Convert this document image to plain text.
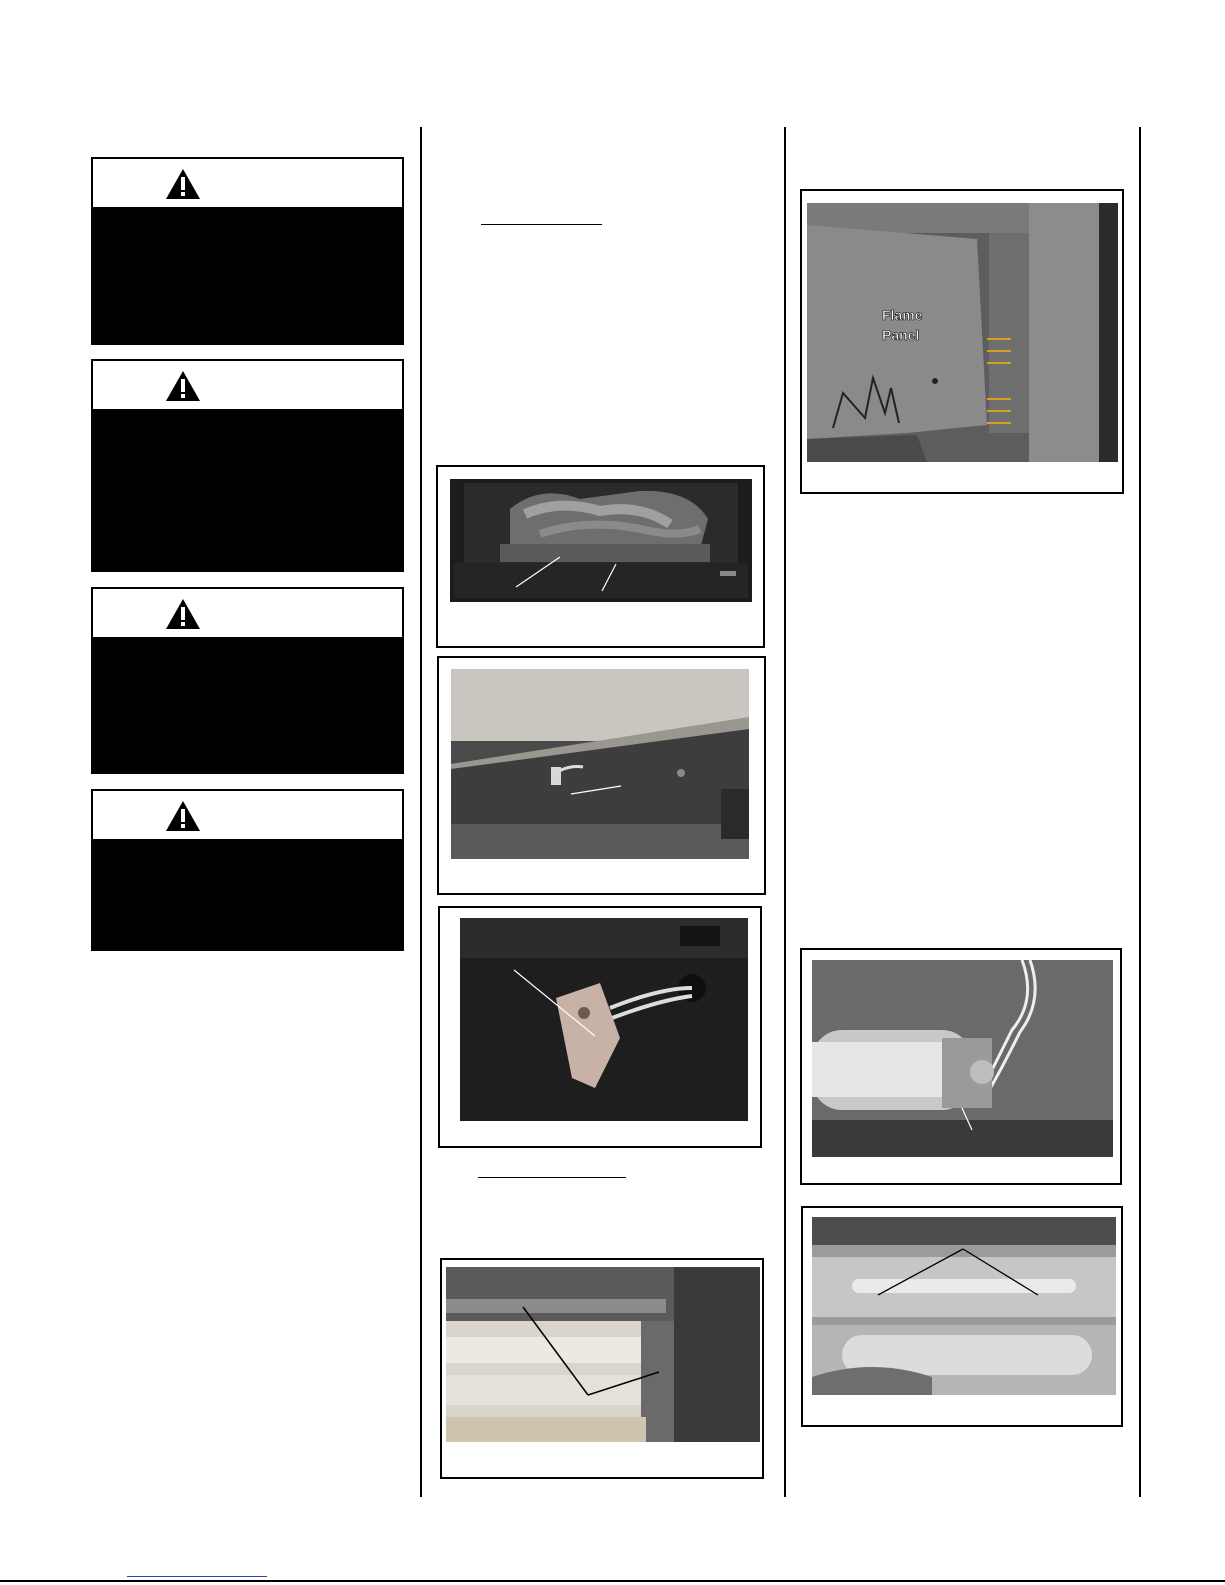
Flame
Panel
